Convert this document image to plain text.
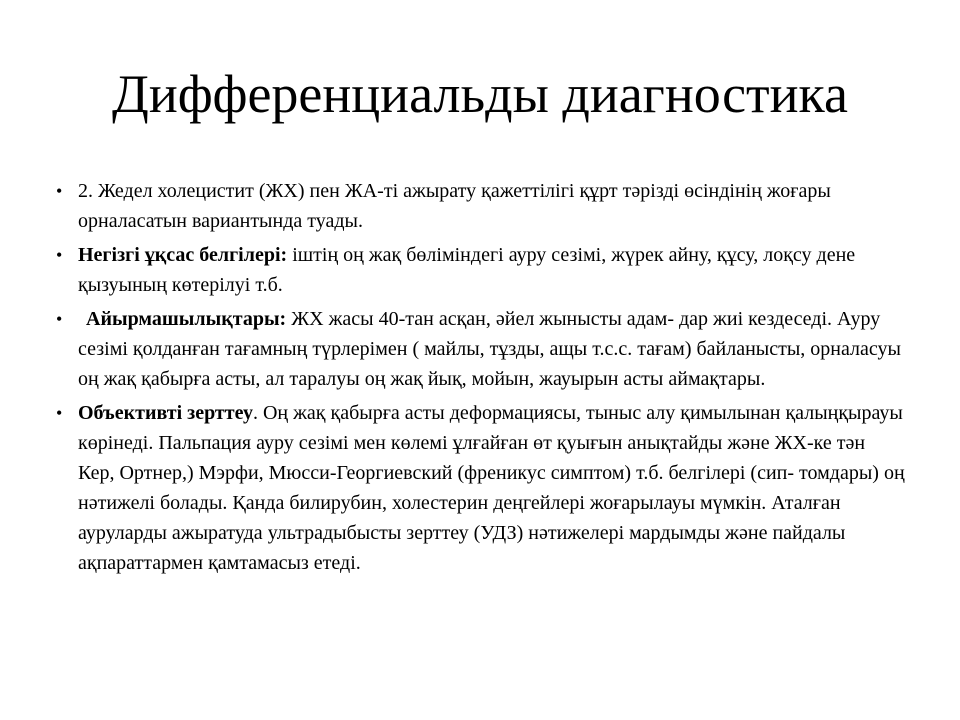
Дифференциальды диагностика
• 2. Жедел холецистит (ЖХ) пен ЖА-ті ажырату қажеттілігі құрт тәрізді өсіндінің жоғары орналасатын вариантында туады.
• Негізгі ұқсас белгілері: іштің оң жақ бөліміндегі ауру сезімі, жүрек айну, құсу, лоқсу дене қызуының көтерілуі т.б.
•	Айырмашылықтары: ЖХ жасы 40-тан асқан, әйел жынысты адам- дар жиі кездеседі. Ауру сезімі қолданған тағамның түрлерімен ( майлы, тұзды, ащы т.с.с. тағам) байланысты, орналасуы оң жақ қабырға асты, ал таралуы оң жақ йық, мойын, жауырын асты аймақтары.
• Объективті зерттеу. Оң жақ қабырға асты деформациясы, тыныс алу қимылынан қалыңқырауы көрінеді. Пальпация ауру сезімі мен көлемі ұлғайған өт қуығын анықтайды және ЖХ-ке тән Кер, Ортнер,) Мэрфи, Мюсси-Георгиевский (френикус симптом) т.б. белгілері (сип- томдары) оң нәтижелі болады. Қанда билирубин, холестерин деңгейлері жоғарылауы мүмкін. Аталған ауруларды ажыратуда ультрадыбысты зерттеу (УДЗ) нәтижелері мардымды және пайдалы ақпараттармен қамтамасыз етеді.
